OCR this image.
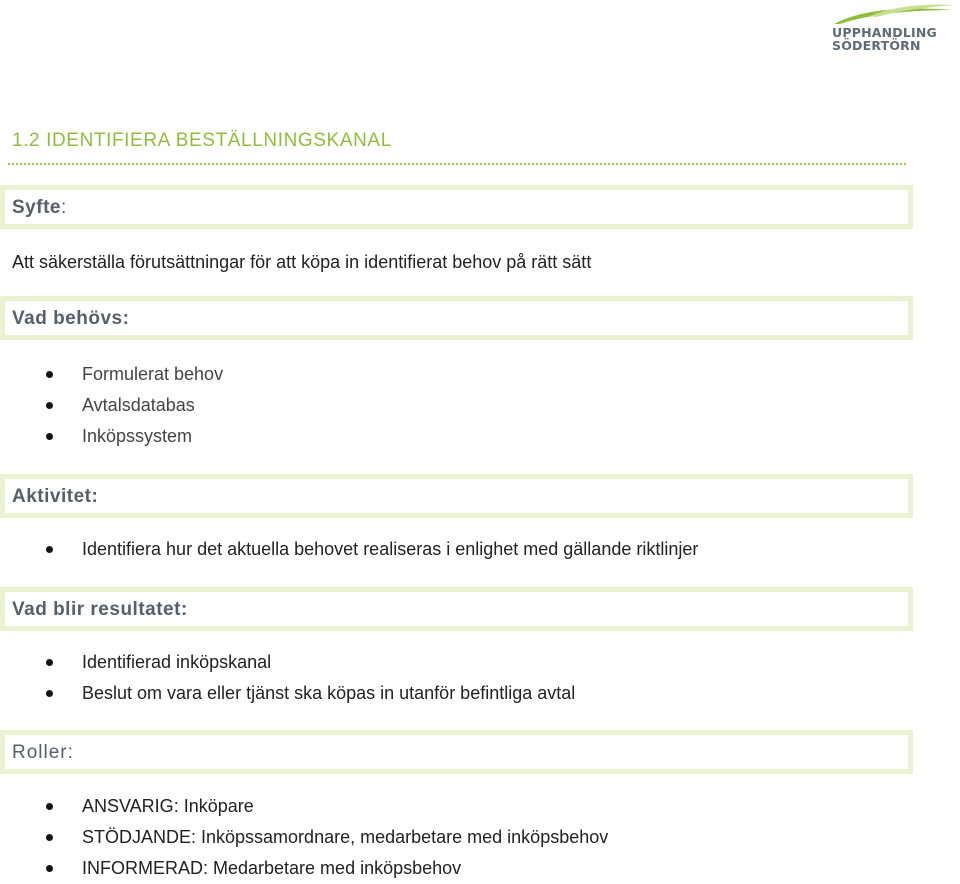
UPPHANDLING
SÖDERTÖRN
1.2 IDENTIFIERA BESTÄLLNINGSKANAL
Syfte:
Att säkerställa förutsättningar för att köpa in identifierat behov på rätt sätt
Vad behövs:
Formulerat behov
Avtalsdatabas
Inköpssystem
Aktivitet:
Identifiera hur det aktuella behovet realiseras i enlighet med gällande riktlinjer
Vad blir resultatet:
Identifierad inköpskanal
Beslut om vara eller tjänst ska köpas in utanför befintliga avtal
Roller:
ANSVARIG: Inköpare
STÖDJANDE: Inköpssamordnare, medarbetare med inköpsbehov
INFORMERAD: Medarbetare med inköpsbehov
